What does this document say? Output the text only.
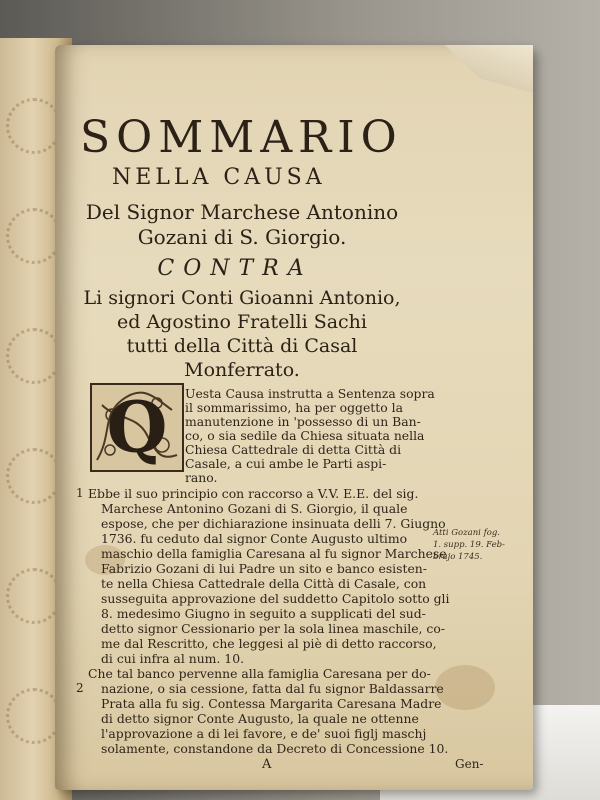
SOMMARIO
NELLA CAUSA
Del Signor Marchese Antonino
Gozani di S. Giorgio.
CONTRA
Li signori Conti Gioanni Antonio,
ed Agostino Fratelli Sachi
tutti della Città di Casal
Monferrato.
Q Uesta Causa instrutta a Sentenza sopra
il sommarissimo, ha per oggetto la
manutenzione in 'possesso di un Ban-
co, o sia sedile da Chiesa situata nella
Chiesa Cattedrale di detta Città di
Casale, a cui ambe le Parti aspi-
rano.
1 Ebbe il suo principio con raccorso a V.V. E.E. del sig.
Marchese Antonino Gozani di S. Giorgio, il quale
espose, che per dichiarazione insinuata delli 7. Giugno
1736. fu ceduto dal signor Conte Augusto ultimo
maschio della famiglia Caresana al fu signor Marchese
Fabrizio Gozani di lui Padre un sito e banco esisten-
te nella Chiesa Cattedrale della Città di Casale, con
susseguita approvazione del suddetto Capitolo sotto gli
8. medesimo Giugno in seguito a supplicati del sud-
detto signor Cessionario per la sola linea maschile, co-
me dal Rescritto, che leggesi al piè di detto raccorso,
di cui infra al num. 10.
Atti Gozani fog.
1. supp. 19. Feb-
brajo 1745.
Che tal banco pervenne alla famiglia Caresana per do-
2 nazione, o sia cessione, fatta dal fu signor Baldassarre
Prata alla fu sig. Contessa Margarita Caresana Madre
di detto signor Conte Augusto, la quale ne ottenne
l'approvazione a di lei favore, e de' suoi figlj maschj
solamente, constandone da Decreto di Concessione 10.
A	Gen-
